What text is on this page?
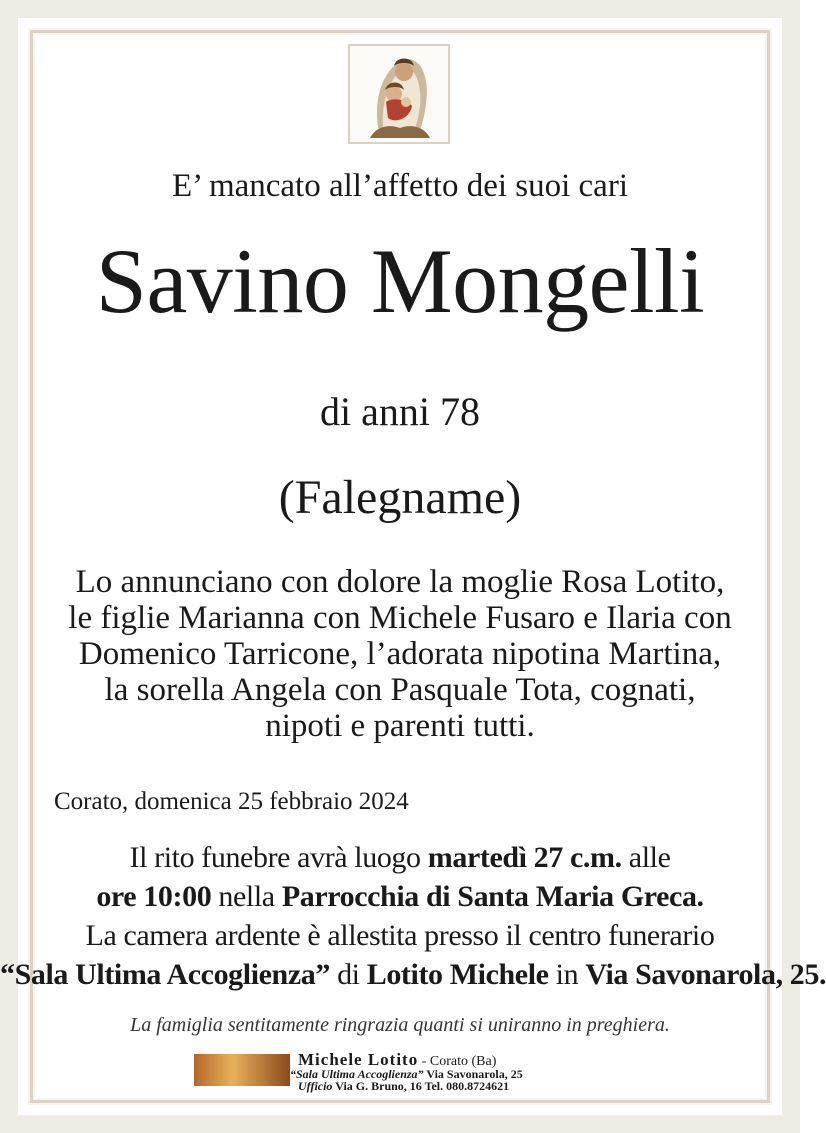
E’ mancato all’affetto dei suoi cari
Savino Mongelli
di anni 78
(Falegname)
Lo annunciano con dolore la moglie Rosa Lotito,
le figlie Marianna con Michele Fusaro e Ilaria con
Domenico Tarricone, l’adorata nipotina Martina,
la sorella Angela con Pasquale Tota, cognati,
nipoti e parenti tutti.
Corato, domenica 25 febbraio 2024
Il rito funebre avrà luogo martedì 27 c.m. alle
ore 10:00 nella Parrocchia di Santa Maria Greca.
La camera ardente è allestita presso il centro funerario
“Sala Ultima Accoglienza” di Lotito Michele in Via Savonarola, 25.
La famiglia sentitamente ringrazia quanti si uniranno in preghiera.
Michele Lotito - Corato (Ba)
“Sala Ultima Accoglienza” Via Savonarola, 25
Ufficio Via G. Bruno, 16 Tel. 080.8724621
